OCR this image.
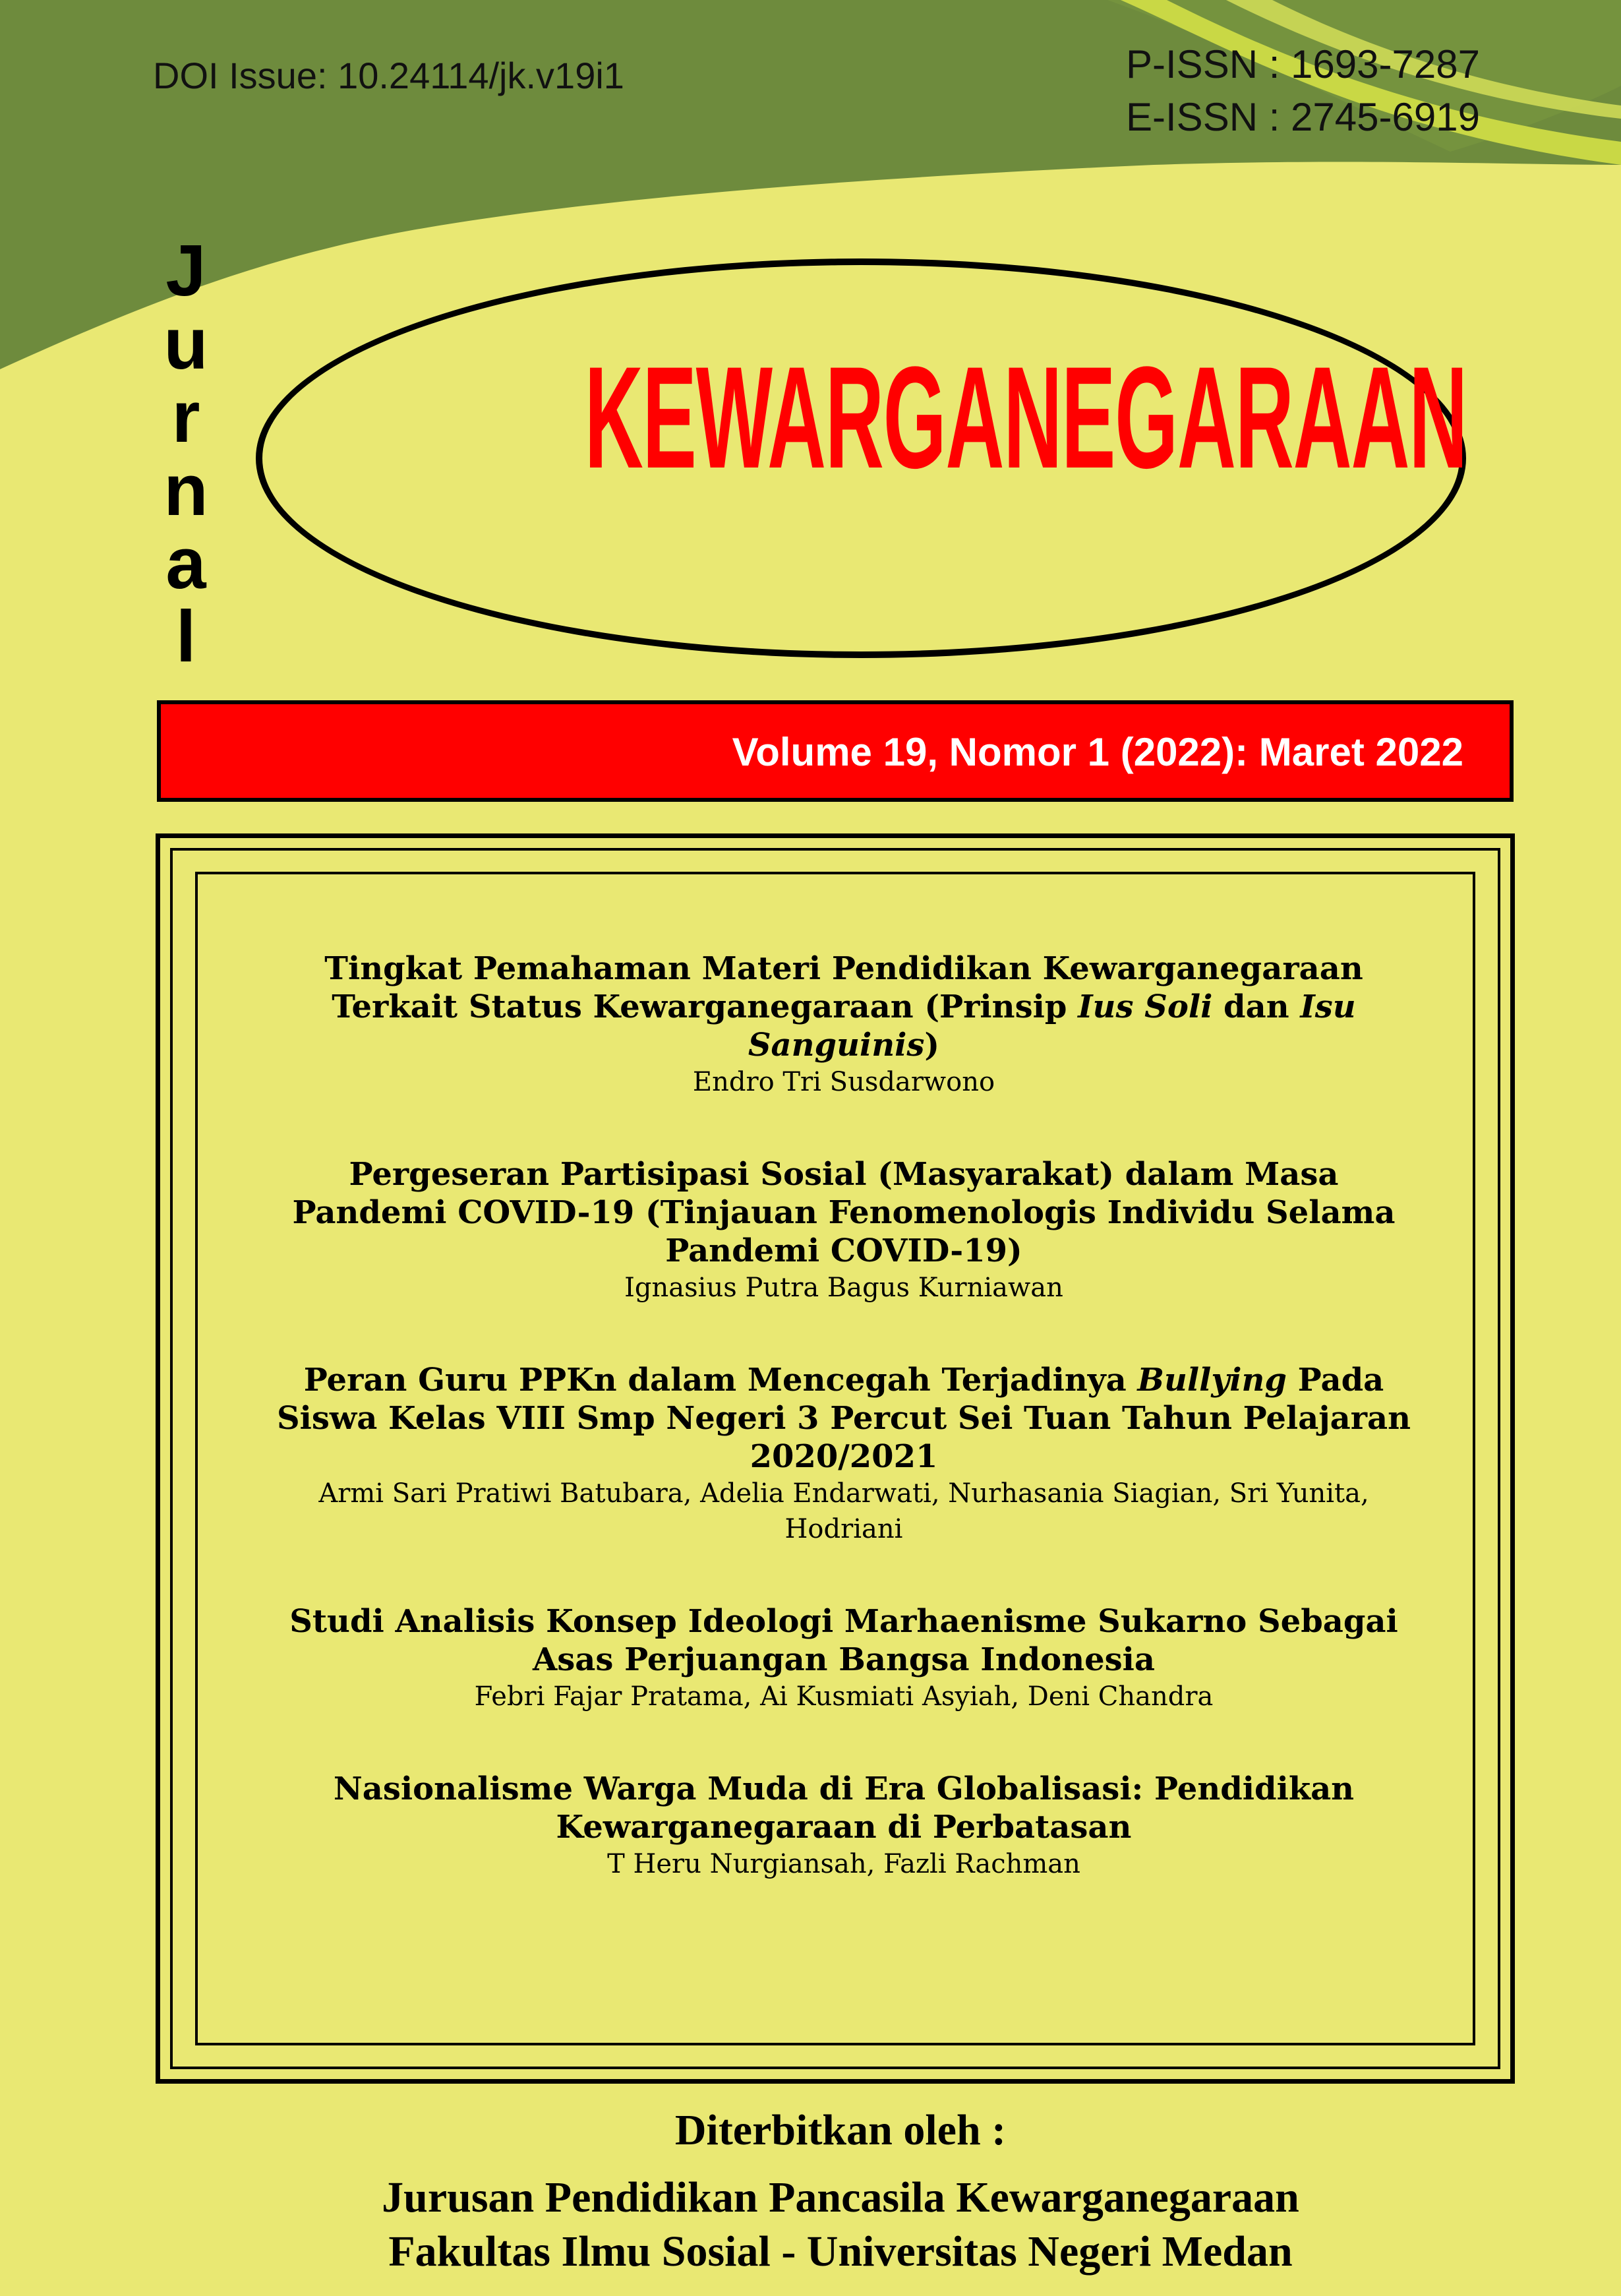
DOI Issue: 10.24114/jk.v19i1	P-ISSN : 1693-7287
E-ISSN : 2745-6919
J
u
r
n
a
l
KEWARGANEGARAAN
Volume 19, Nomor 1 (2022): Maret 2022
Tingkat Pemahaman Materi Pendidikan Kewarganegaraan Terkait Status Kewarganegaraan (Prinsip Ius Soli dan Isu Sanguinis)
Endro Tri Susdarwono
Pergeseran Partisipasi Sosial (Masyarakat) dalam Masa Pandemi COVID-19 (Tinjauan Fenomenologis Individu Selama Pandemi COVID-19)
Ignasius Putra Bagus Kurniawan
Peran Guru PPKn dalam Mencegah Terjadinya Bullying Pada Siswa Kelas VIII Smp Negeri 3 Percut Sei Tuan Tahun Pelajaran 2020/2021
Armi Sari Pratiwi Batubara, Adelia Endarwati, Nurhasania Siagian, Sri Yunita, Hodriani
Studi Analisis Konsep Ideologi Marhaenisme Sukarno Sebagai Asas Perjuangan Bangsa Indonesia
Febri Fajar Pratama, Ai Kusmiati Asyiah, Deni Chandra
Nasionalisme Warga Muda di Era Globalisasi: Pendidikan Kewarganegaraan di Perbatasan
T Heru Nurgiansah, Fazli Rachman
Diterbitkan oleh :
Jurusan Pendidikan Pancasila Kewarganegaraan
Fakultas Ilmu Sosial - Universitas Negeri Medan
